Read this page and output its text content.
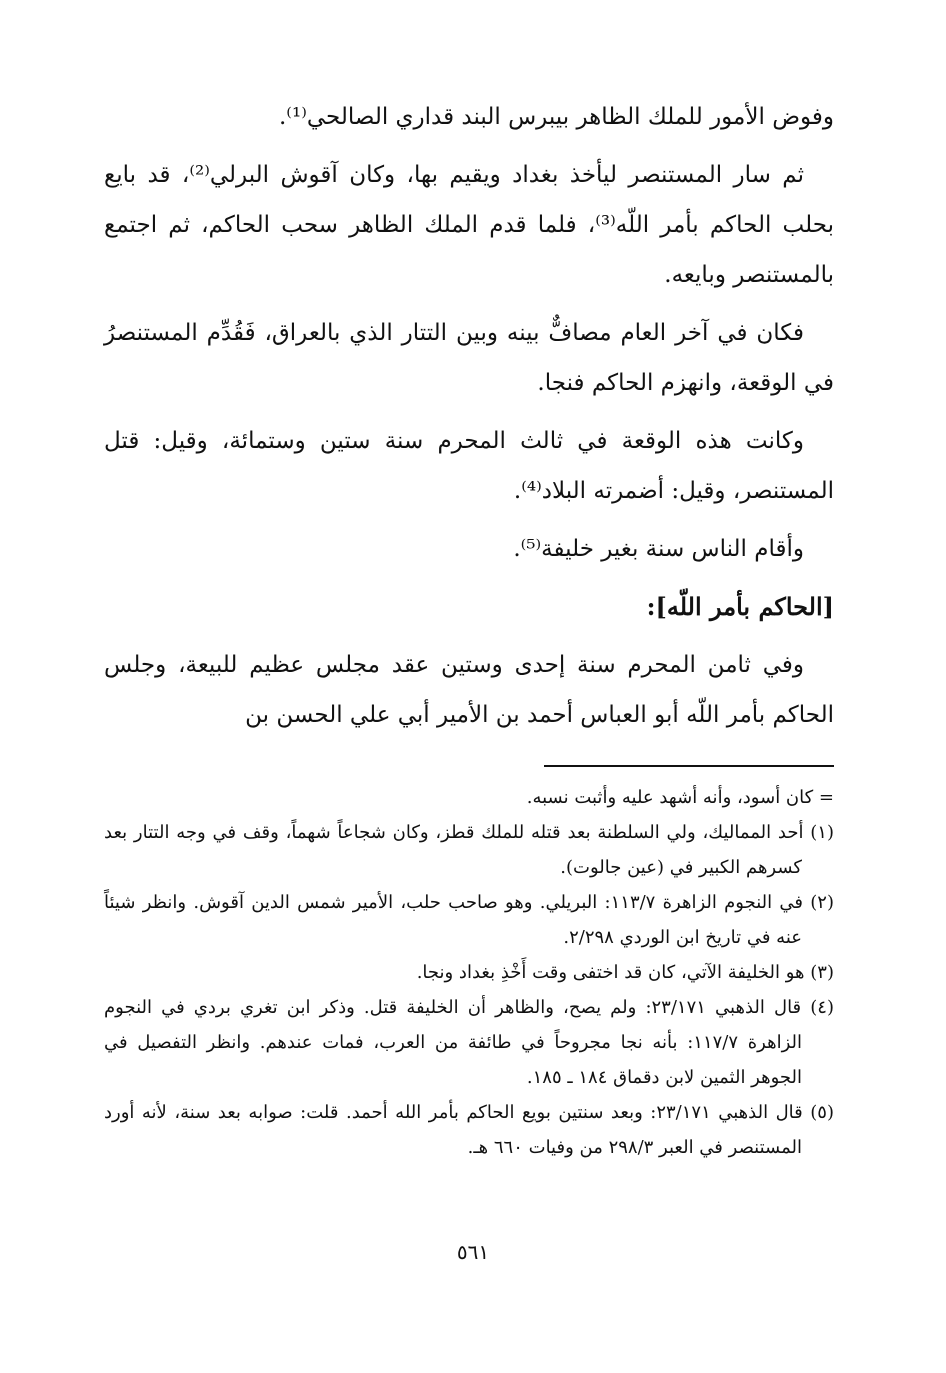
وفوض الأمور للملك الظاهر بيبرس البند قداري الصالحي⁽¹⁾.

ثم سار المستنصر ليأخذ بغداد ويقيم بها، وكان آقوش البرلي⁽²⁾، قد بايع بحلب الحاكم بأمر اللّه⁽³⁾، فلما قدم الملك الظاهر سحب الحاكم، ثم اجتمع بالمستنصر وبايعه.

فكان في آخر العام مصافٌّ بينه وبين التتار الذي بالعراق، فَقُدِّم المستنصرُ في الوقعة، وانهزم الحاكم فنجا.

وكانت هذه الوقعة في ثالث المحرم سنة ستين وستمائة، وقيل: قتل المستنصر، وقيل: أضمرته البلاد⁽⁴⁾.

وأقام الناس سنة بغير خليفة⁽⁵⁾.

[الحاكم بأمر اللّه]:

وفي ثامن المحرم سنة إحدى وستين عقد مجلس عظيم للبيعة، وجلس الحاكم بأمر اللّه أبو العباس أحمد بن الأمير أبي علي الحسن بن

= كان أسود، وأنه أشهد عليه وأثبت نسبه.

(١) أحد المماليك، ولي السلطنة بعد قتله للملك قطز، وكان شجاعاً شهماً، وقف في وجه التتار بعد كسرهم الكبير في (عين جالوت).

(٢) في النجوم الزاهرة ١١٣/٧: البريلي. وهو صاحب حلب، الأمير شمس الدين آقوش. وانظر شيئاً عنه في تاريخ ابن الوردي ٢/٢٩٨.

(٣) هو الخليفة الآتي، كان قد اختفى وقت أَخْذِ بغداد ونجا.

(٤) قال الذهبي ٢٣/١٧١: ولم يصح، والظاهر أن الخليفة قتل. وذكر ابن تغري بردي في النجوم الزاهرة ١١٧/٧: بأنه نجا مجروحاً في طائفة من العرب، فمات عندهم. وانظر التفصيل في الجوهر الثمين لابن دقماق ١٨٤ ـ ١٨٥.

(٥) قال الذهبي ٢٣/١٧١: وبعد سنتين بويع الحاكم بأمر الله أحمد. قلت: صوابه بعد سنة، لأنه أورد المستنصر في العبر ٢٩٨/٣ من وفيات ٦٦٠ هـ.

٥٦١
